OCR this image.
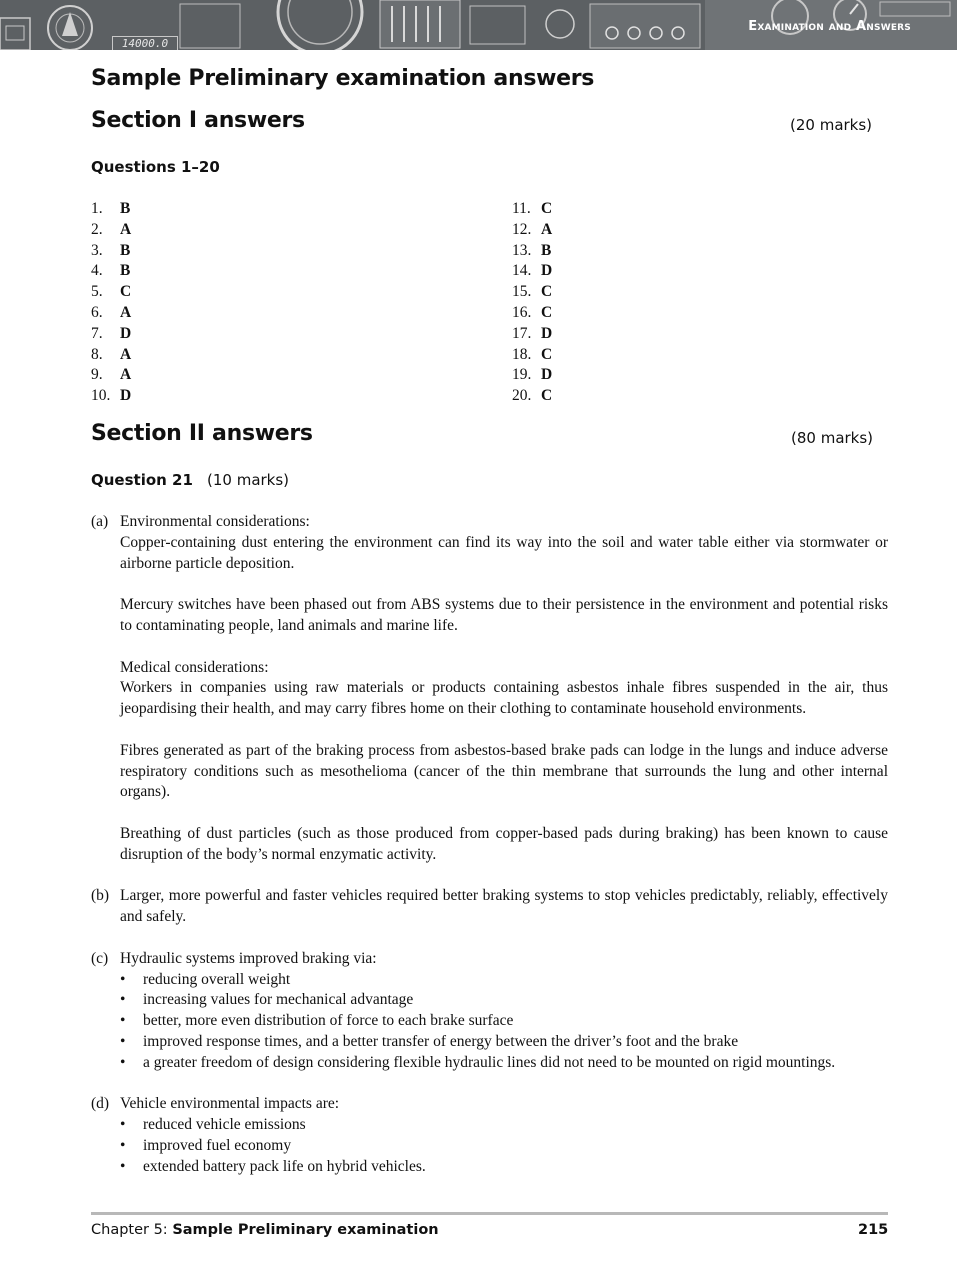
14000.0
Examination and Answers
Sample Preliminary examination answers
Section I answers	(20 marks)
Questions 1–20
1. B
2. A
3. B
4. B
5. C
6. A
7. D
8. A
9. A
10. D
11. C
12. A
13. B
14. D
15. C
16. C
17. D
18. C
19. D
20. C
Section II answers	(80 marks)
Question 21 (10 marks)
(a) Environmental considerations:

Copper-containing dust entering the environment can find its way into the soil and water table either via stormwater or airborne particle deposition.

Mercury switches have been phased out from ABS systems due to their persistence in the environment and potential risks to contaminating people, land animals and marine life.

Medical considerations:

Workers in companies using raw materials or products containing asbestos inhale fibres suspended in the air, thus jeopardising their health, and may carry fibres home on their clothing to contaminate household environments.

Fibres generated as part of the braking process from asbestos-based brake pads can lodge in the lungs and induce adverse respiratory conditions such as mesothelioma (cancer of the thin membrane that surrounds the lung and other internal organs).

Breathing of dust particles (such as those produced from copper-based pads during braking) has been known to cause disruption of the body’s normal enzymatic activity.

(b) Larger, more powerful and faster vehicles required better braking systems to stop vehicles predictably, reliably, effectively and safely.

(c) Hydraulic systems improved braking via:

• reducing overall weight
• increasing values for mechanical advantage
• better, more even distribution of force to each brake surface
• improved response times, and a better transfer of energy between the driver’s foot and the brake
• a greater freedom of design considering flexible hydraulic lines did not need to be mounted on rigid mountings.
(d) Vehicle environmental impacts are:

• reduced vehicle emissions
• improved fuel economy
• extended battery pack life on hybrid vehicles.
Chapter 5: Sample Preliminary examination	215
